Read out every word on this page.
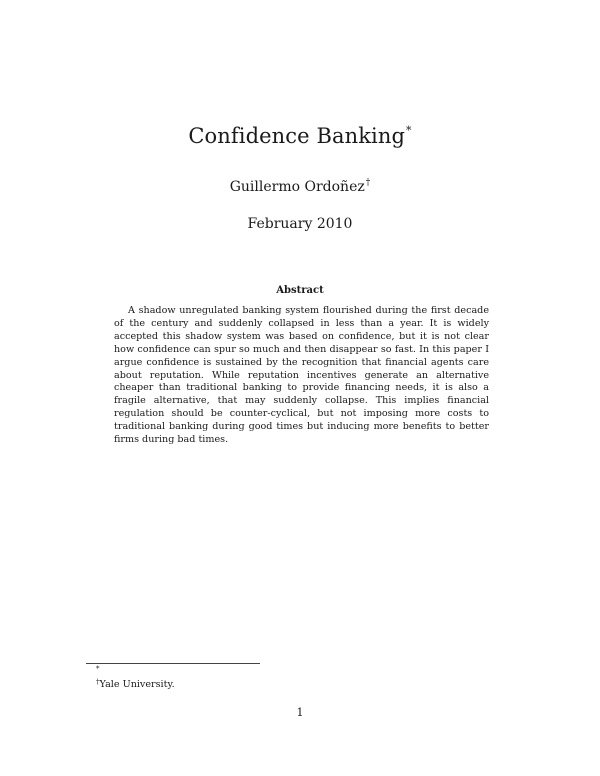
Confidence Banking*
Guillermo Ordoñez†
February 2010
Abstract

A shadow unregulated banking system flourished during the first decade of the century and suddenly collapsed in less than a year. It is widely accepted this shadow system was based on confidence, but it is not clear how confidence can spur so much and then disappear so fast. In this paper I argue confidence is sustained by the recognition that financial agents care about reputation. While reputation incentives generate an alternative cheaper than traditional banking to provide financing needs, it is also a fragile alternative, that may suddenly collapse. This implies financial regulation should be counter-cyclical, but not imposing more costs to traditional banking during good times but inducing more benefits to better firms during bad times.

*
†Yale University.
1
